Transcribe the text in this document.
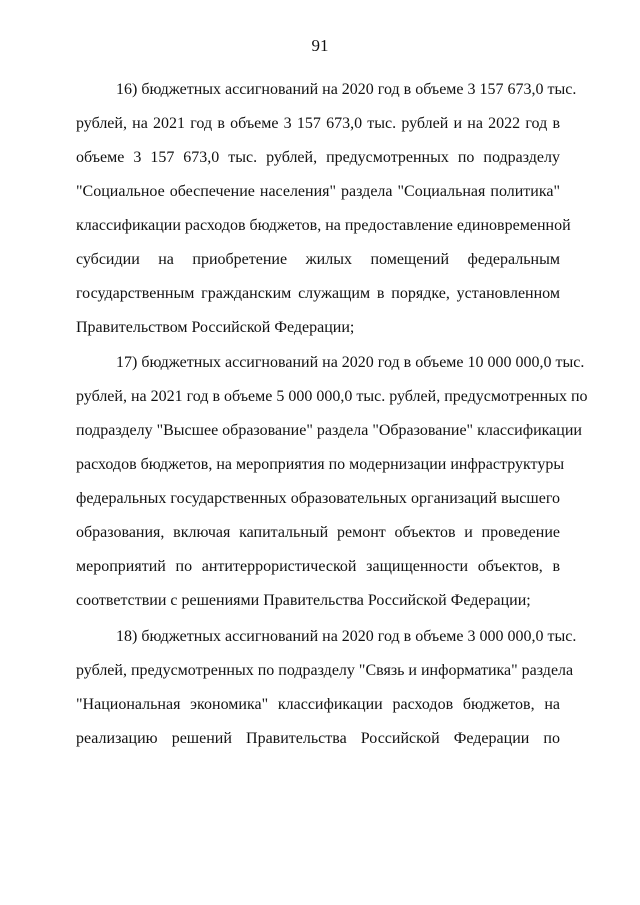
91
16) бюджетных ассигнований на 2020 год в объеме 3 157 673,0 тыс.
рублей, на 2021 год в объеме 3 157 673,0 тыс. рублей и на 2022 год в
объеме 3 157 673,0 тыс. рублей, предусмотренных по подразделу
"Социальное обеспечение населения" раздела "Социальная политика"
классификации расходов бюджетов, на предоставление единовременной
субсидии на приобретение жилых помещений федеральным
государственным гражданским служащим в порядке, установленном
Правительством Российской Федерации;
17) бюджетных ассигнований на 2020 год в объеме 10 000 000,0 тыс.
рублей, на 2021 год в объеме 5 000 000,0 тыс. рублей, предусмотренных по
подразделу "Высшее образование" раздела "Образование" классификации
расходов бюджетов, на мероприятия по модернизации инфраструктуры
федеральных государственных образовательных организаций высшего
образования, включая капитальный ремонт объектов и проведение
мероприятий по антитеррористической защищенности объектов, в
соответствии с решениями Правительства Российской Федерации;
18) бюджетных ассигнований на 2020 год в объеме 3 000 000,0 тыс.
рублей, предусмотренных по подразделу "Связь и информатика" раздела
"Национальная экономика" классификации расходов бюджетов, на
реализацию решений Правительства Российской Федерации по
